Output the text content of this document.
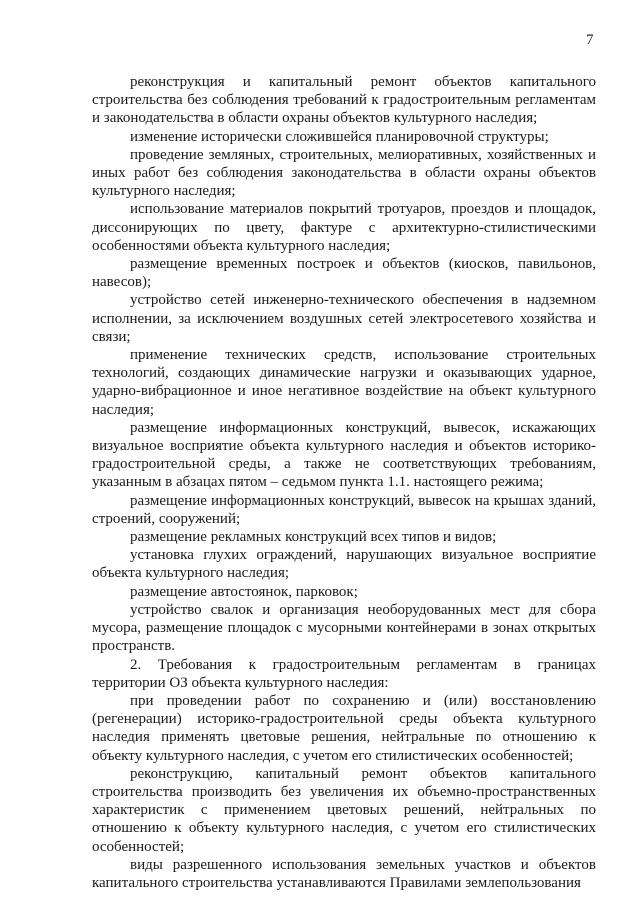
7

реконструкция и капитальный ремонт объектов капитального строительства без соблюдения требований к градостроительным регламентам и законодательства в области охраны объектов культурного наследия;

изменение исторически сложившейся планировочной структуры;

проведение земляных, строительных, мелиоративных, хозяйственных и иных работ без соблюдения законодательства в области охраны объектов культурного наследия;

использование материалов покрытий тротуаров, проездов и площадок, диссонирующих по цвету, фактуре с архитектурно-стилистическими особенностями объекта культурного наследия;

размещение временных построек и объектов (киосков, павильонов, навесов);

устройство сетей инженерно-технического обеспечения в надземном исполнении, за исключением воздушных сетей электросетевого хозяйства и связи;

применение технических средств, использование строительных технологий, создающих динамические нагрузки и оказывающих ударное, ударно-вибрационное и иное негативное воздействие на объект культурного наследия;

размещение информационных конструкций, вывесок, искажающих визуальное восприятие объекта культурного наследия и объектов историко-градостроительной среды, а также не соответствующих требованиям, указанным в абзацах пятом – седьмом пункта 1.1. настоящего режима;

размещение информационных конструкций, вывесок на крышах зданий, строений, сооружений;

размещение рекламных конструкций всех типов и видов;

установка глухих ограждений, нарушающих визуальное восприятие объекта культурного наследия;

размещение автостоянок, парковок;

устройство свалок и организация необорудованных мест для сбора мусора, размещение площадок с мусорными контейнерами в зонах открытых пространств.

2. Требования к градостроительным регламентам в границах территории ОЗ объекта культурного наследия:

при проведении работ по сохранению и (или) восстановлению (регенерации) историко-градостроительной среды объекта культурного наследия применять цветовые решения, нейтральные по отношению к объекту культурного наследия, с учетом его стилистических особенностей;

реконструкцию, капитальный ремонт объектов капитального строительства производить без увеличения их объемно-пространственных характеристик с применением цветовых решений, нейтральных по отношению к объекту культурного наследия, с учетом его стилистических особенностей;

виды разрешенного использования земельных участков и объектов капитального строительства устанавливаются Правилами землепользования
